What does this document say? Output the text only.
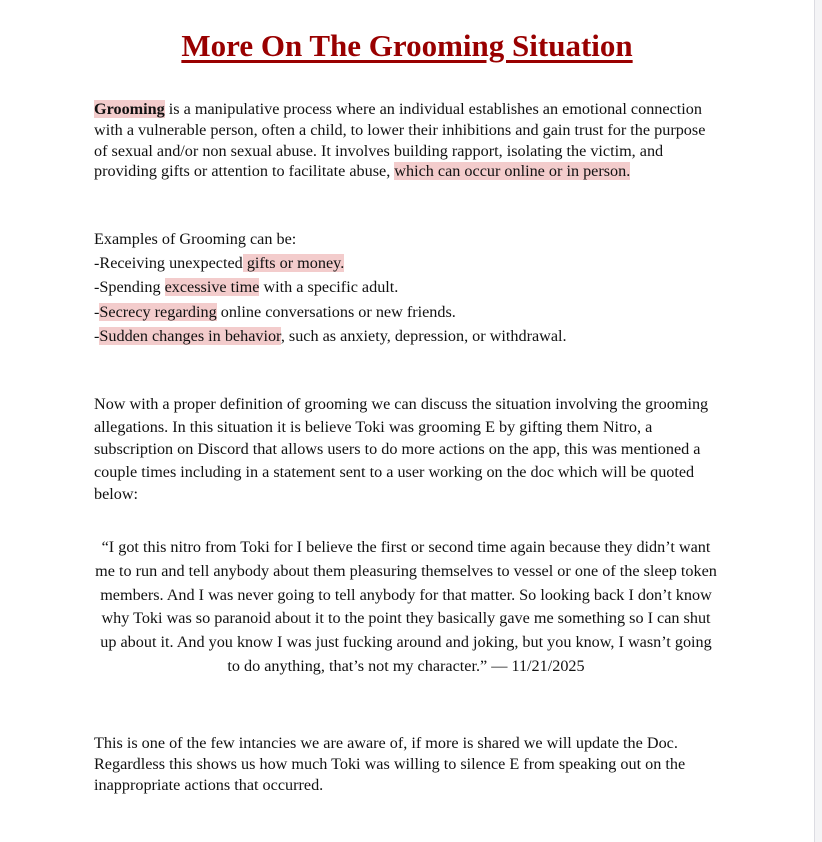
More On The Grooming Situation
Grooming is a manipulative process where an individual establishes an emotional connection with a vulnerable person, often a child, to lower their inhibitions and gain trust for the purpose of sexual and/or non sexual abuse. It involves building rapport, isolating the victim, and providing gifts or attention to facilitate abuse, which can occur online or in person.
Examples of Grooming can be:
-Receiving unexpected gifts or money.
-Spending excessive time with a specific adult.
-Secrecy regarding online conversations or new friends.
-Sudden changes in behavior, such as anxiety, depression, or withdrawal.
Now with a proper definition of grooming we can discuss the situation involving the grooming allegations. In this situation it is believe Toki was grooming E by gifting them Nitro, a subscription on Discord that allows users to do more actions on the app, this was mentioned a couple times including in a statement sent to a user working on the doc which will be quoted below:
“I got this nitro from Toki for I believe the first or second time again because they didn’t want me to run and tell anybody about them pleasuring themselves to vessel or one of the sleep token members. And I was never going to tell anybody for that matter. So looking back I don’t know why Toki was so paranoid about it to the point they basically gave me something so I can shut up about it. And you know I was just fucking around and joking, but you know, I wasn’t going to do anything, that’s not my character.” — 11/21/2025
This is one of the few intancies we are aware of, if more is shared we will update the Doc. Regardless this shows us how much Toki was willing to silence E from speaking out on the inappropriate actions that occurred.
